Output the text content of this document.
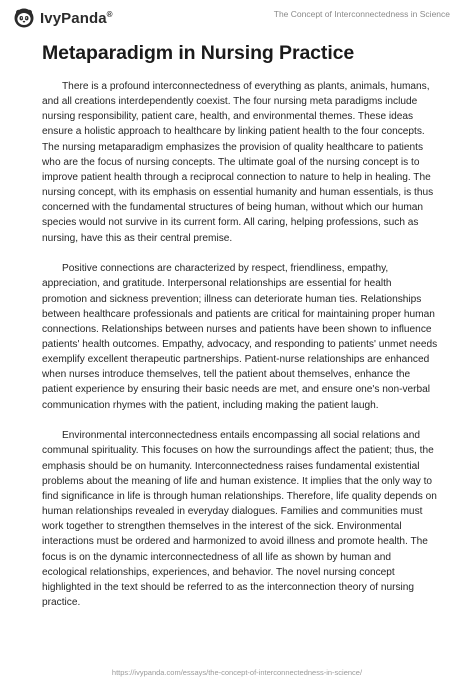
IvyPanda®	The Concept of Interconnectedness in Science
Metaparadigm in Nursing Practice

There is a profound interconnectedness of everything as plants, animals, humans, and all creations interdependently coexist. The four nursing meta paradigms include nursing responsibility, patient care, health, and environmental themes. These ideas ensure a holistic approach to healthcare by linking patient health to the four concepts. The nursing metaparadigm emphasizes the provision of quality healthcare to patients who are the focus of nursing concepts. The ultimate goal of the nursing concept is to improve patient health through a reciprocal connection to nature to help in healing. The nursing concept, with its emphasis on essential humanity and human essentials, is thus concerned with the fundamental structures of being human, without which our human species would not survive in its current form. All caring, helping professions, such as nursing, have this as their central premise.

Positive connections are characterized by respect, friendliness, empathy, appreciation, and gratitude. Interpersonal relationships are essential for health promotion and sickness prevention; illness can deteriorate human ties. Relationships between healthcare professionals and patients are critical for maintaining proper human connections. Relationships between nurses and patients have been shown to influence patients' health outcomes. Empathy, advocacy, and responding to patients' unmet needs exemplify excellent therapeutic partnerships. Patient-nurse relationships are enhanced when nurses introduce themselves, tell the patient about themselves, enhance the patient experience by ensuring their basic needs are met, and ensure one's non-verbal communication rhymes with the patient, including making the patient laugh.

Environmental interconnectedness entails encompassing all social relations and communal spirituality. This focuses on how the surroundings affect the patient; thus, the emphasis should be on humanity. Interconnectedness raises fundamental existential problems about the meaning of life and human existence. It implies that the only way to find significance in life is through human relationships. Therefore, life quality depends on human relationships revealed in everyday dialogues. Families and communities must work together to strengthen themselves in the interest of the sick. Environmental interactions must be ordered and harmonized to avoid illness and promote health. The focus is on the dynamic interconnectedness of all life as shown by human and ecological relationships, experiences, and behavior. The novel nursing concept highlighted in the text should be referred to as the interconnection theory of nursing practice.

https://ivypanda.com/essays/the-concept-of-interconnectedness-in-science/
